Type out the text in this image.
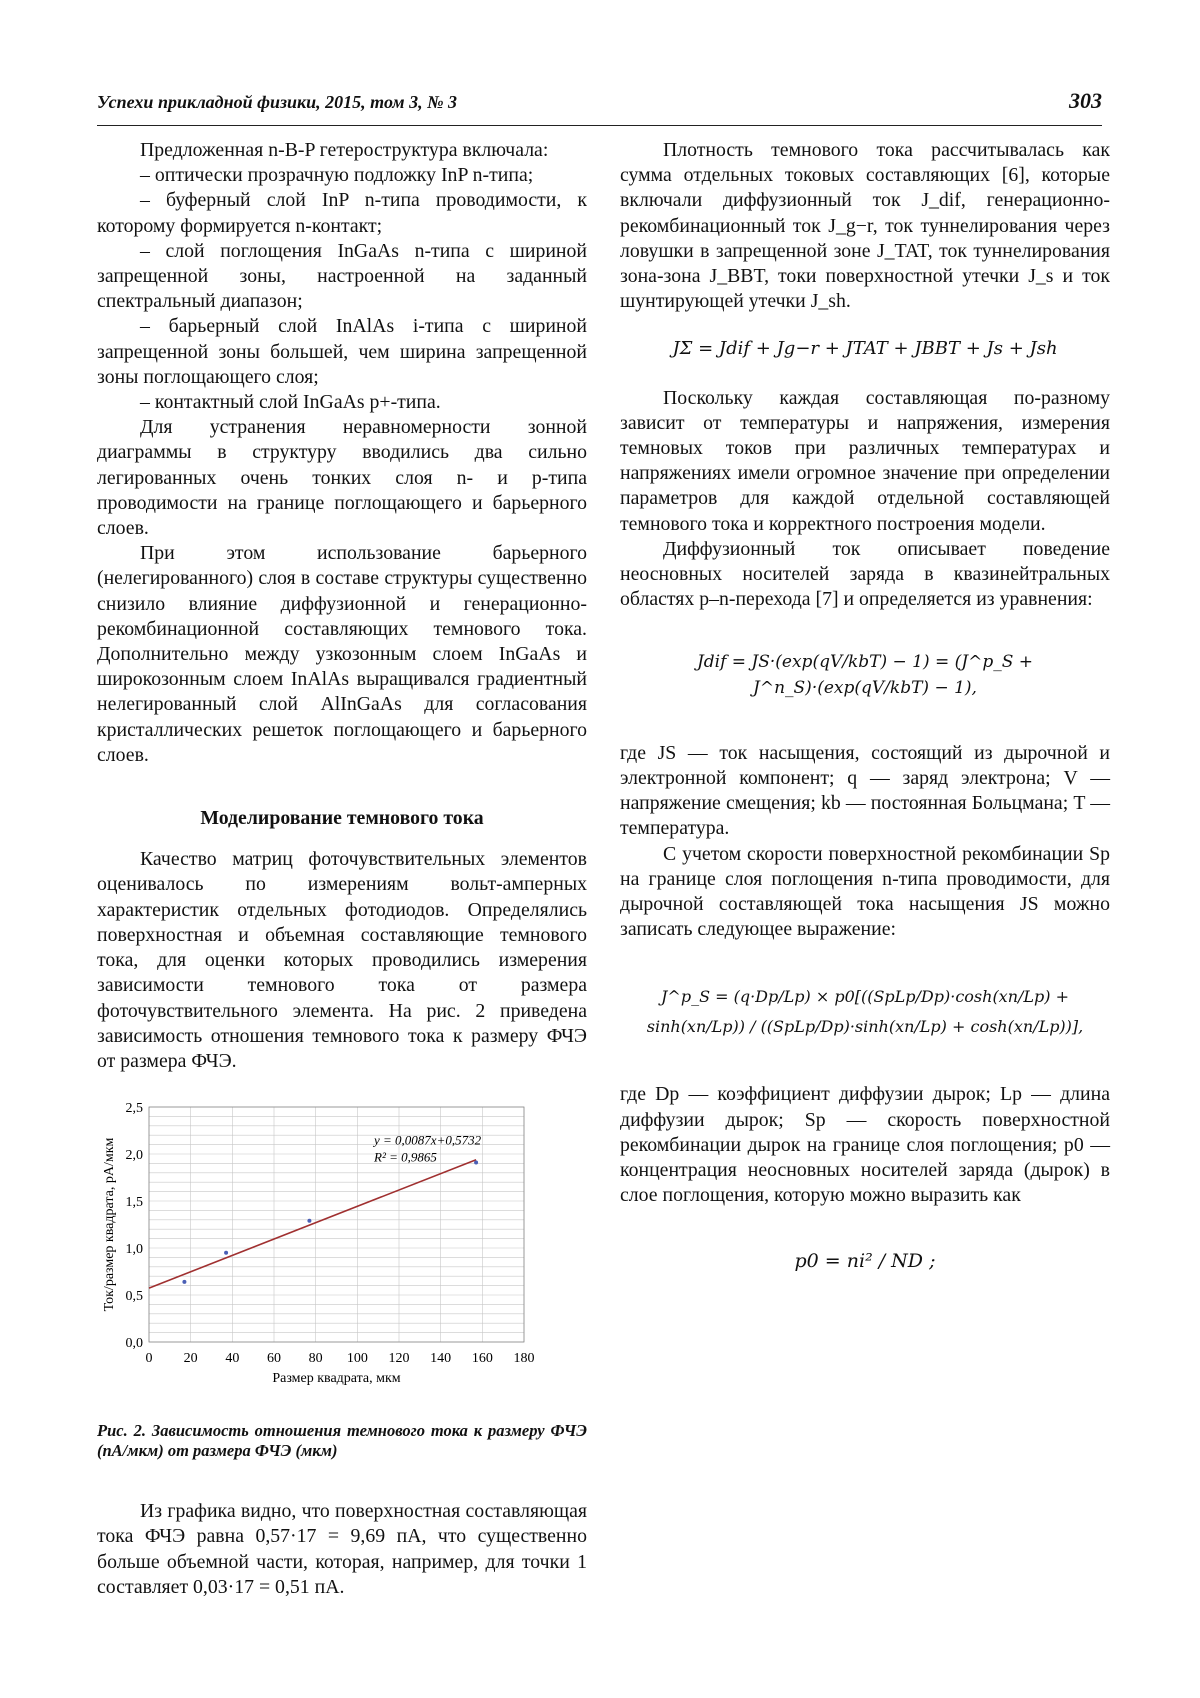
Успехи прикладной физики, 2015, том 3, № 3	303

Предложенная n-B-P гетероструктура включала:

– оптически прозрачную подложку InP n-типа;

– буферный слой InP n-типа проводимости, к которому формируется n-контакт;

– слой поглощения InGaAs n-типа с шириной запрещенной зоны, настроенной на заданный спектральный диапазон;

– барьерный слой InAlAs i-типа с шириной запрещенной зоны большей, чем ширина запрещенной зоны поглощающего слоя;

– контактный слой InGaAs p+-типа.

Для устранения неравномерности зонной диаграммы в структуру вводились два сильно легированных очень тонких слоя n- и p-типа проводимости на границе поглощающего и барьерного слоев.

При этом использование барьерного (нелегированного) слоя в составе структуры существенно снизило влияние диффузионной и генерационно-рекомбинационной составляющих темнового тока. Дополнительно между узкозонным слоем InGaAs и широкозонным слоем InAlAs выращивался градиентный нелегированный слой AlInGaAs для согласования кристаллических решеток поглощающего и барьерного слоев.

Моделирование темнового тока

Качество матриц фоточувствительных элементов оценивалось по измерениям вольт-амперных характеристик отдельных фотодиодов. Определялись поверхностная и объемная составляющие темнового тока, для оценки которых проводились измерения зависимости темнового тока от размера фоточувствительного элемента. На рис. 2 приведена зависимость отношения темнового тока к размеру ФЧЭ от размера ФЧЭ.

0,0
0,5
1,0
1,5
2,0
2,5
0 20 40 60 80 100 120 140 160 180
Размер квадрата, мкм
Ток/размер квадрата, pA/мкм	y = 0,0087x+0,5732
R² = 0,9865

Рис. 2. Зависимость отношения темнового тока к размеру ФЧЭ (пА/мкм) от размера ФЧЭ (мкм)

Из графика видно, что поверхностная составляющая тока ФЧЭ равна 0,57·17 = 9,69 пА, что существенно больше объемной части, которая, например, для точки 1 составляет 0,03·17 = 0,51 пА.

Плотность темнового тока рассчитывалась как сумма отдельных токовых составляющих [6], которые включали диффузионный ток J_dif, генерационно-рекомбинационный ток J_g−r, ток туннелирования через ловушки в запрещенной зоне J_TAT, ток туннелирования зона-зона J_BBT, токи поверхностной утечки J_s и ток шунтирующей утечки J_sh.

JΣ = Jdif + Jg−r + JTAT + JBBT + Js + Jsh

Поскольку каждая составляющая по-разному зависит от температуры и напряжения, измерения темновых токов при различных температурах и напряжениях имели огромное значение при определении параметров для каждой отдельной составляющей темнового тока и корректного построения модели.

Диффузионный ток описывает поведение неосновных носителей заряда в квазинейтральных областях p–n-перехода [7] и определяется из уравнения:

Jdif = JS·(exp(qV/kbT) − 1) = (J^p_S + J^n_S)·(exp(qV/kbT) − 1),

где JS — ток насыщения, состоящий из дырочной и электронной компонент; q — заряд электрона; V — напряжение смещения; kb — постоянная Больцмана; T — температура.

С учетом скорости поверхностной рекомбинации Sp на границе слоя поглощения n-типа проводимости, для дырочной составляющей тока насыщения JS можно записать следующее выражение:

J^p_S = (q·Dp/Lp) × p0[((SpLp/Dp)·cosh(xn/Lp) + sinh(xn/Lp)) / ((SpLp/Dp)·sinh(xn/Lp) + cosh(xn/Lp))],

где Dp — коэффициент диффузии дырок; Lp — длина диффузии дырок; Sp — скорость поверхностной рекомбинации дырок на границе слоя поглощения; p0 — концентрация неосновных носителей заряда (дырок) в слое поглощения, которую можно выразить как

p0 = ni² / ND ;
